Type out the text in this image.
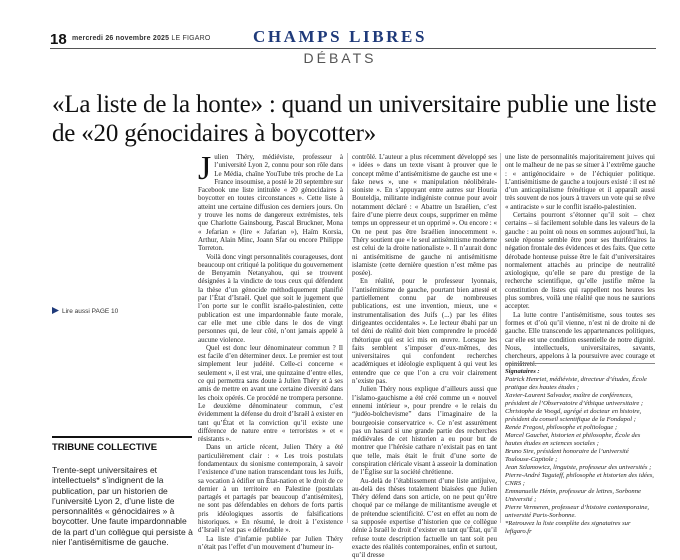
18 mercredi 26 novembre 2025 LE FIGARO	CHAMPS LIBRES
DÉBATS
«La liste de la honte» : quand un universitaire publie une liste de «20 génocidaires à boycotter»
Lire aussi PAGE 10
TRIBUNE COLLECTIVE
Trente-sept universitaires et intellectuels* s’indignent de la publication, par un historien de l’université Lyon 2, d’une liste de personnalités « génocidaires » à boycotter. Une faute impardonnable de la part d’un collègue qui persiste à nier l’antisémitisme de gauche.

Julien Théry, médiéviste, professeur à l’université Lyon 2, connu pour son rôle dans Le Média, chaîne YouTube très proche de La France insoumise, a posté le 20 septembre sur Facebook une liste intitulée « 20 génocidaires à boycotter en toutes circonstances ». Cette liste à atteint une certaine diffusion ces derniers jours. On y trouve les noms de dangereux extrémistes, tels que Charlotte Gainsbourg, Pascal Bruckner, Mona « Jefarian » (lire « Jafarian »), Haïm Korsia, Arthur, Alain Minc, Joann Sfar ou encore Philippe Torreton.

Voilà donc vingt personnalités courageuses, dont beaucoup ont critiqué la politique du gouvernement de Benyamin Netanyahou, qui se trouvent désignées à la vindicte de tous ceux qui défendent la thèse d’un génocide méthodiquement planifié par l’État d’Israël. Quel que soit le jugement que l’on porte sur le conflit israélo-palestinien, cette publication est une impardonnable faute morale, car elle met une cible dans le dos de vingt personnes qui, de leur côté, n’ont jamais appelé à aucune violence.

Quel est donc leur dénominateur commun ? Il est facile d’en déterminer deux. Le premier est tout simplement leur judéité. Celle-ci concerne « seulement », il est vrai, une quinzaine d’entre elles, ce qui permettra sans doute à Julien Théry et à ses amis de mettre en avant une certaine diversité dans les choix opérés. Ce procédé ne trompera personne. Le deuxième dénominateur commun, c’est évidemment la défense du droit d’Israël à exister en tant qu’État et la conviction qu’il existe une différence de nature entre « terroristes » et « résistants ».

Dans un article récent, Julien Théry a été particulièrement clair : « Les trois postulats fondamentaux du sionisme contemporain, à savoir l’existence d’une nation transcendant tous les Juifs, sa vocation à édifier un État-nation et le droit de ce dernier à un territoire en Palestine (postulats partagés et partagés par beaucoup d’antisémites), ne sont pas défendables en dehors de forts partis pris idéologiques assortis de falsifications historiques. » En résumé, le droit à l’existence d’Israël n’est pas « défendable ».

La liste d’infamie publiée par Julien Théry n’était pas l’effet d’un mouvement d’humeur in-

contrôlé. L’auteur a plus récemment développé ses « idées » dans un texte visant à prouver que le concept même d’antisémitisme de gauche est une « fake news », une « manipulation néolibérale-sioniste ». En s’appuyant entre autres sur Houria Bouteldja, militante indigéniste connue pour avoir notamment déclaré : « Abattre un Israélien, c’est faire d’une pierre deux coups, supprimer en même temps un oppresseur et un opprimé ». Ou encore : « On ne peut pas être Israélien innocemment ». Théry soutient que « le seul antisémitisme moderne est celui de la droite nationaliste ». Il n’aurait donc ni antisémitisme de gauche ni antisémitisme islamiste (cette dernière question n’est même pas posée).

En réalité, pour le professeur lyonnais, l’antisémitisme de gauche, pourtant bien attesté et partiellement connu par de nombreuses publications, est une invention, mieux, une « instrumentalisation des Juifs (...) par les élites dirigeantes occidentales ». Le lecteur ébahi par un tel déni de réalité doit bien comprendre le procédé rhétorique qui est ici mis en œuvre. Lorsque les faits semblent s’imposer d’eux-mêmes, des universitaires qui confondent recherches académiques et idéologie expliquent à qui veut les entendre que ce que l’on a cru voir clairement n’existe pas.

Julien Théry nous explique d’ailleurs aussi que l’islamo-gauchisme a été créé comme un « nouvel ennemi intérieur », pour prendre « le relais du “judéo-bolchevisme” dans l’imaginaire de la bourgeoisie conservatrice ». Ce n’est assurément pas un hasard si une grande partie des recherches médiévales de cet historien a eu pour but de montrer que l’hérésie cathare n’existait pas en tant que telle, mais était le fruit d’une sorte de conspiration cléricale visant à asseoir la domination de l’Église sur la société chrétienne.

Au-delà de l’établissement d’une liste antijuive, au-delà des thèses totalement biaisées que Julien Théry défend dans son article, on ne peut qu’être choqué par ce mélange de militantisme aveugle et de prétendue scientificité. C’est en effet au nom de sa supposée expertise d’historien que ce collègue dénie à Israël le droit d’exister en tant qu’État, qu’il refuse toute description factuelle un tant soit peu exacte des réalités contemporaines, enfin et surtout, qu’il dresse

une liste de personnalités majoritairement juives qui ont le malheur de ne pas se situer à l’extrême gauche : « antigénocidaire » de l’échiquier politique. L’antisémitisme de gauche a toujours existé : il est né d’un anticapitalisme frénétique et il apparaît aussi très souvent de nos jours à travers un vote qui se rêve « antiraciste » sur le conflit israélo-palestinien.

Certains pourront s’étonner qu’il soit – chez certains – si facilement soluble dans les valeurs de la gauche : au point où nous en sommes aujourd’hui, la seule réponse semble être pour ses thuriféraires la négation frontale des évidences et des faits. Que cette dérobade honteuse puisse être le fait d’universitaires normalement attachés au principe de neutralité axiologique, qu’elle se pare du prestige de la recherche scientifique, qu’elle justifie même la constitution de listes qui rappellent nos heures les plus sombres, voilà une réalité que nous ne saurions accepter.

La lutte contre l’antisémitisme, sous toutes ses formes et d’où qu’il vienne, n’est ni de droite ni de gauche. Elle transcende les appartenances politiques, car elle est une condition essentielle de notre dignité. Nous, intellectuels, universitaires, savants, chercheurs, appelons à la poursuivre avec courage et opiniâtreté.

Signataires :
Patrick Henriet, médiéviste, directeur d’études, École pratique des hautes études ;
Xavier-Laurent Salvador, maître de conférences, président de l’Observatoire d’éthique universitaire ;
Christophe de Voogd, agrégé et docteur en histoire, président du conseil scientifique de la Fondapol ;
Renée Fregosi, philosophe et politologue ;
Marcel Gauchet, historien et philosophe, École des hautes études en sciences sociales ;
Bruno Sire, président honoraire de l’université Toulouse-Capitole ;
Jean Szlamowicz, linguiste, professeur des universités ;
Pierre-André Taguieff, philosophe et historien des idées, CNRS ;
Emmanuelle Hénin, professeur de lettres, Sorbonne Université ;
Pierre Vermeren, professeur d’histoire contemporaine, université Paris-Sorbonne.
*Retrouvez la liste complète des signataires sur lefigaro.fr
